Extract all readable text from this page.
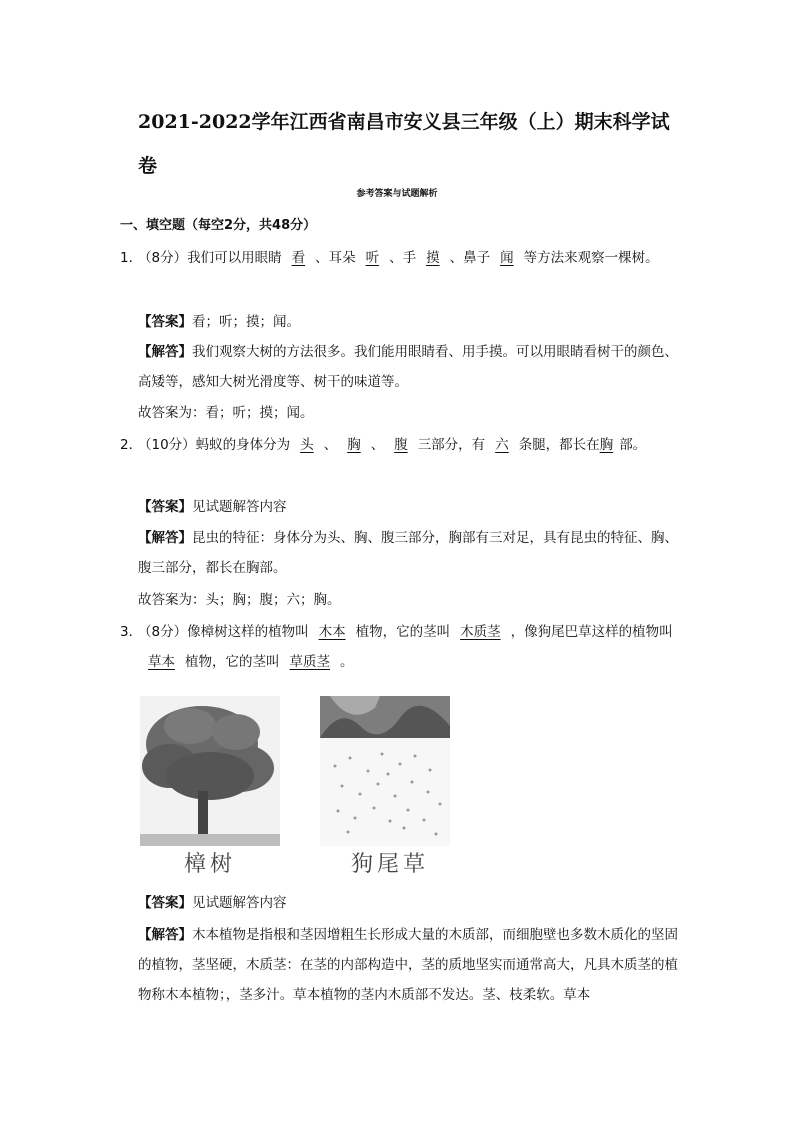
2021-2022学年江西省南昌市安义县三年级（上）期末科学试卷

参考答案与试题解析

一、填空题（每空2分，共48分）

1．

（8分）我们可以用眼睛 看 、耳朵 听 、手 摸 、鼻子 闻 等方法来观察一棵树。

【答案】看；听；摸；闻。

【解答】我们观察大树的方法很多。我们能用眼睛看、用手摸。可以用眼睛看树干的颜色、高矮等，感知大树光滑度等、树干的味道等。

故答案为：看；听；摸；闻。

2．

（10分）蚂蚁的身体分为 头 、 胸 、 腹 三部分，有 六 条腿，都长在胸 部。

【答案】见试题解答内容

【解答】昆虫的特征：身体分为头、胸、腹三部分，胸部有三对足，具有昆虫的特征、胸、腹三部分，都长在胸部。

故答案为：头；胸；腹；六；胸。

3．

（8分）像樟树这样的植物叫 木本 植物，它的茎叫 木质茎 ，像狗尾巴草这样的植物叫草本 植物，它的茎叫 草质茎 。

樟树	狗尾草

【答案】见试题解答内容

【解答】木本植物是指根和茎因增粗生长形成大量的木质部，而细胞壁也多数木质化的坚固的植物，茎坚硬，木质茎：在茎的内部构造中，茎的质地坚实而通常高大，凡具木质茎的植物称木本植物；，茎多汁。草本植物的茎内木质部不发达。茎、枝柔软。草本
